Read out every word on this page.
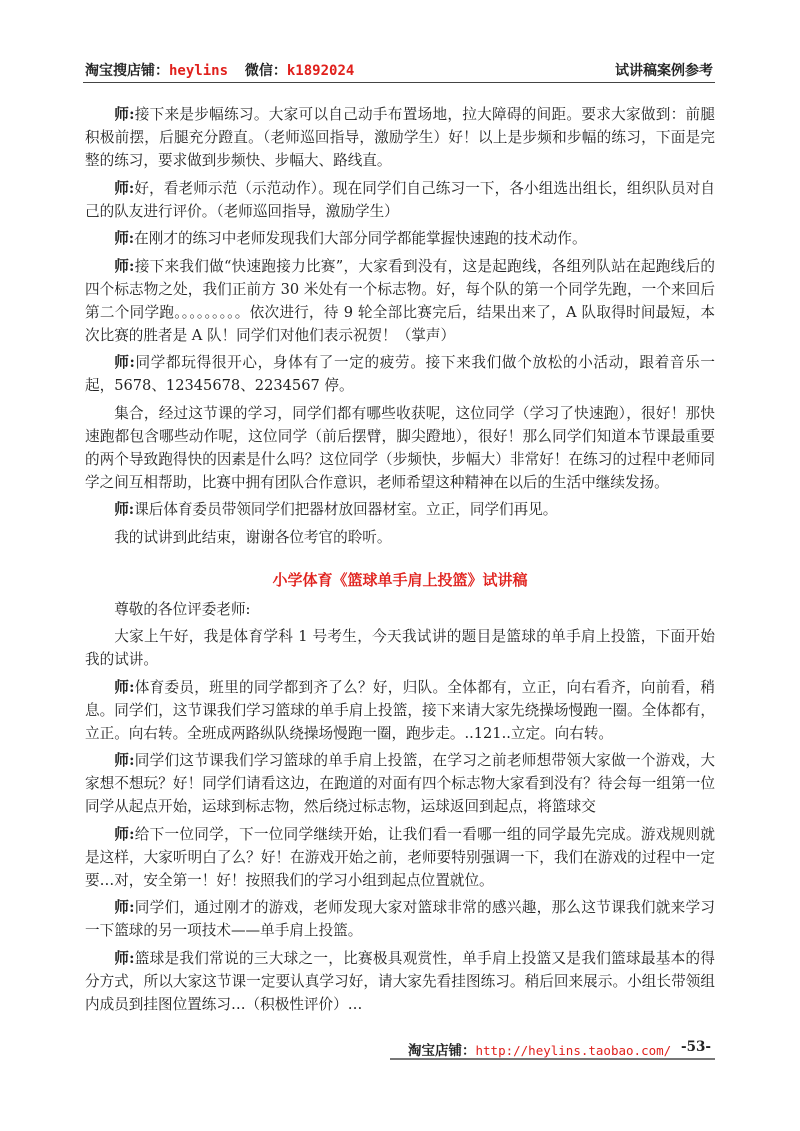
淘宝搜店铺：heylins 微信：k1892024	试讲稿案例参考
师:接下来是步幅练习。大家可以自己动手布置场地，拉大障碍的间距。要求大家做到：前腿积极前摆，后腿充分蹬直。（老师巡回指导，激励学生）好！以上是步频和步幅的练习，下面是完整的练习，要求做到步频快、步幅大、路线直。
师:好，看老师示范（示范动作）。现在同学们自己练习一下，各小组选出组长，组织队员对自己的队友进行评价。（老师巡回指导，激励学生）
师:在刚才的练习中老师发现我们大部分同学都能掌握快速跑的技术动作。
师:接下来我们做“快速跑接力比赛”，大家看到没有，这是起跑线，各组列队站在起跑线后的四个标志物之处，我们正前方 30 米处有一个标志物。好，每个队的第一个同学先跑，一个来回后第二个同学跑。。。。。。。。。依次进行，待 9 轮全部比赛完后，结果出来了，A 队取得时间最短，本次比赛的胜者是 A 队！同学们对他们表示祝贺！（掌声）
师:同学都玩得很开心，身体有了一定的疲劳。接下来我们做个放松的小活动，跟着音乐一起，5678、12345678、2234567 停。
集合，经过这节课的学习，同学们都有哪些收获呢，这位同学（学习了快速跑），很好！那快速跑都包含哪些动作呢，这位同学（前后摆臂，脚尖蹬地），很好！那么同学们知道本节课最重要的两个导致跑得快的因素是什么吗？这位同学（步频快，步幅大）非常好！在练习的过程中老师同学之间互相帮助，比赛中拥有团队合作意识，老师希望这种精神在以后的生活中继续发扬。
师:课后体育委员带领同学们把器材放回器材室。立正，同学们再见。
我的试讲到此结束，谢谢各位考官的聆听。
小学体育《篮球单手肩上投篮》试讲稿
尊敬的各位评委老师:
大家上午好，我是体育学科 1 号考生，今天我试讲的题目是篮球的单手肩上投篮，下面开始我的试讲。
师:体育委员，班里的同学都到齐了么？好，归队。全体都有，立正，向右看齐，向前看，稍息。同学们，这节课我们学习篮球的单手肩上投篮，接下来请大家先绕操场慢跑一圈。全体都有，立正。向右转。全班成两路纵队绕操场慢跑一圈，跑步走。..121..立定。向右转。
师:同学们这节课我们学习篮球的单手肩上投篮，在学习之前老师想带领大家做一个游戏，大家想不想玩？好！同学们请看这边，在跑道的对面有四个标志物大家看到没有？待会每一组第一位同学从起点开始，运球到标志物，然后绕过标志物，运球返回到起点，将篮球交
师:给下一位同学，下一位同学继续开始，让我们看一看哪一组的同学最先完成。游戏规则就是这样，大家听明白了么？好！在游戏开始之前，老师要特别强调一下，我们在游戏的过程中一定要…对，安全第一！好！按照我们的学习小组到起点位置就位。
师:同学们，通过刚才的游戏，老师发现大家对篮球非常的感兴趣，那么这节课我们就来学习一下篮球的另一项技术——单手肩上投篮。
师:篮球是我们常说的三大球之一，比赛极具观赏性，单手肩上投篮又是我们篮球最基本的得分方式，所以大家这节课一定要认真学习好，请大家先看挂图练习。稍后回来展示。小组长带领组内成员到挂图位置练习…（积极性评价）…
淘宝店铺：http://heylins.taobao.com/ -53-
